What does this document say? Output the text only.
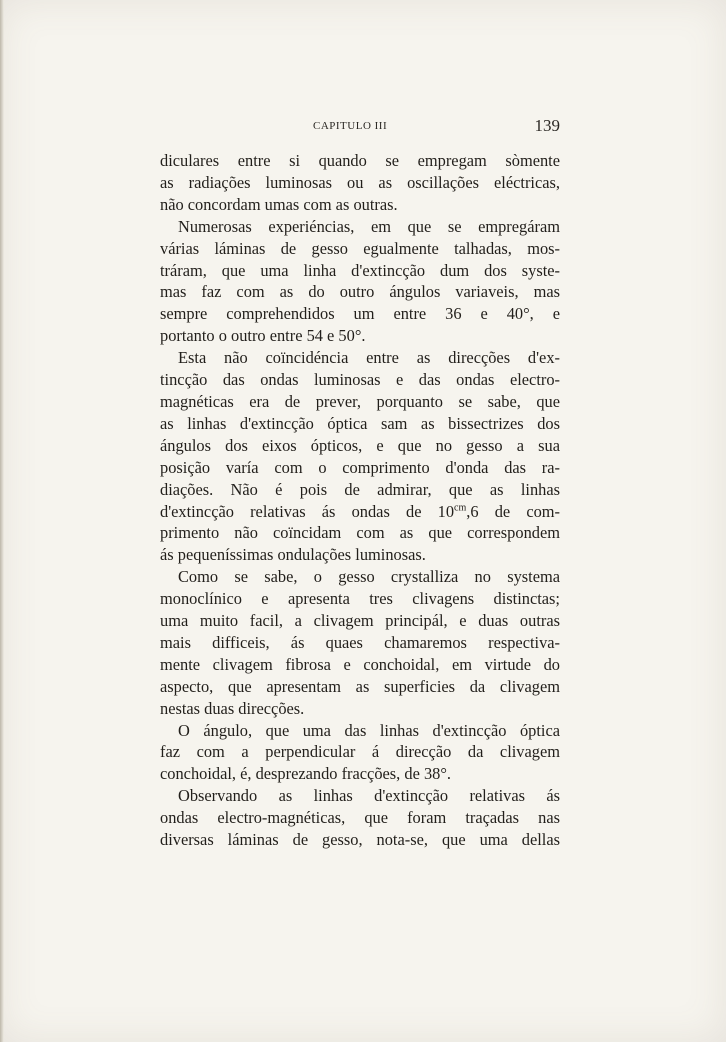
CAPITULO III	139
diculares entre si quando se empregam sòmente
as radiações luminosas ou as oscillações eléctricas,
não concordam umas com as outras.
Numerosas experiéncias, em que se empregáram
várias láminas de gesso egualmente talhadas, mos-
tráram, que uma linha d'extincção dum dos syste-
mas faz com as do outro ángulos variaveis, mas
sempre comprehendidos um entre 36 e 40°, e
portanto o outro entre 54 e 50°.
Esta não coïncidéncia entre as direcções d'ex-
tincção das ondas luminosas e das ondas electro-
magnéticas era de prever, porquanto se sabe, que
as linhas d'extincção óptica sam as bissectrizes dos
ángulos dos eixos ópticos, e que no gesso a sua
posição varía com o comprimento d'onda das ra-
diações. Não é pois de admirar, que as linhas
d'extincção relativas ás ondas de $10^{cm},6$ de com-
primento não coïncidam com as que correspondem
ás pequeníssimas ondulações luminosas.
Como se sabe, o gesso crystalliza no systema
monoclínico e apresenta tres clivagens distinctas;
uma muito facil, a clivagem principál, e duas outras
mais difficeis, ás quaes chamaremos respectiva-
mente clivagem fibrosa e conchoidal, em virtude do
aspecto, que apresentam as superficies da clivagem
nestas duas direcções.
O ángulo, que uma das linhas d'extincção óptica
faz com a perpendicular á direcção da clivagem
conchoidal, é, desprezando fracções, de 38°.
Observando as linhas d'extincção relativas ás
ondas electro-magnéticas, que foram traçadas nas
diversas láminas de gesso, nota-se, que uma dellas
